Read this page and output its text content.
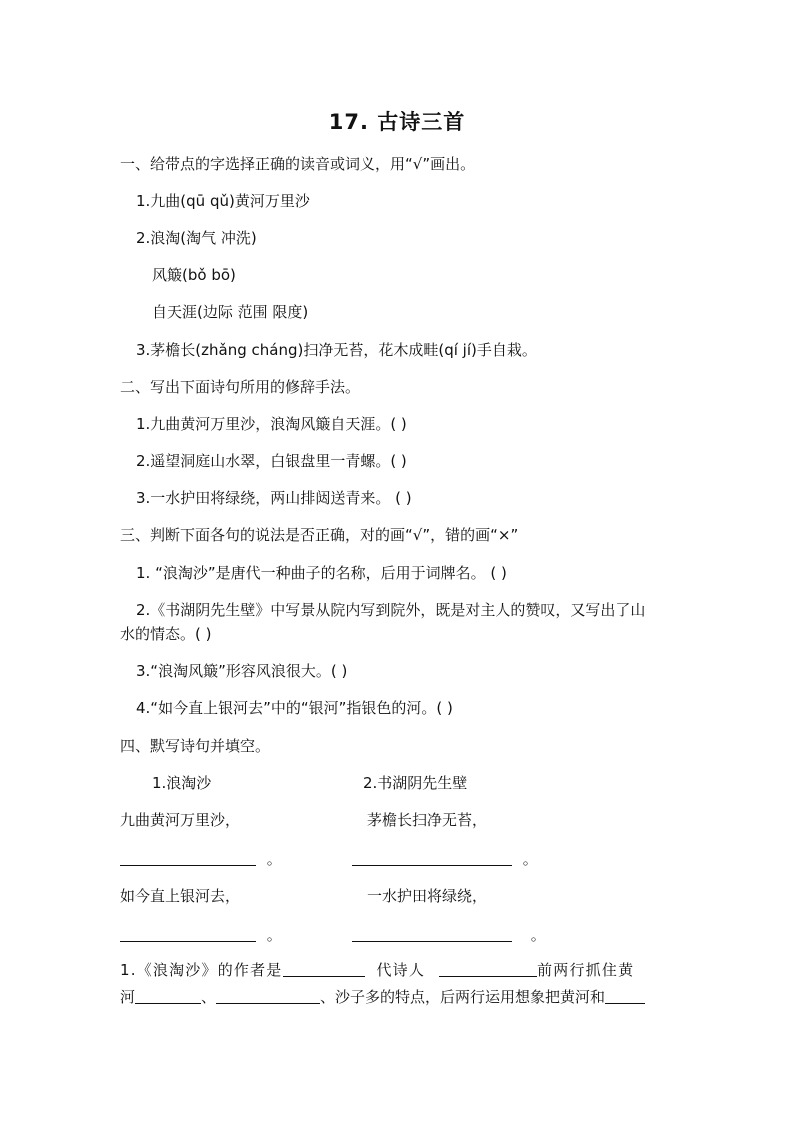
17. 古诗三首
一、给带点的字选择正确的读音或词义，用“√”画出。
1.九曲(qū qǔ)黄河万里沙
2.浪淘(淘气 冲洗)
风簸(bǒ bō)
自天涯(边际 范围 限度)
3.茅檐长(zhǎng cháng)扫净无苔，花木成畦(qí jí)手自栽。
二、写出下面诗句所用的修辞手法。
1.九曲黄河万里沙，浪淘风簸自天涯。( )
2.遥望洞庭山水翠，白银盘里一青螺。( )
3.一水护田将绿绕，两山排闼送青来。 ( )
三、判断下面各句的说法是否正确，对的画“√”，错的画“×”
1. “浪淘沙”是唐代一种曲子的名称，后用于词牌名。 ( )
2.《书湖阴先生壁》中写景从院内写到院外，既是对主人的赞叹，又写出了山
水的情态。( )
3.“浪淘风簸”形容风浪很大。( )
4.“如今直上银河去”中的“银河”指银色的河。( )
四、默写诗句并填空。
1.浪淘沙	2.书湖阴先生壁
九曲黄河万里沙，	茅檐长扫净无苔，
。	。
如今直上银河去，	一水护田将绿绕，
。	。
1.《浪淘沙》的作者是	代诗人	前两行抓住黄
河	、	、沙子多的特点，后两行运用想象把黄河和
